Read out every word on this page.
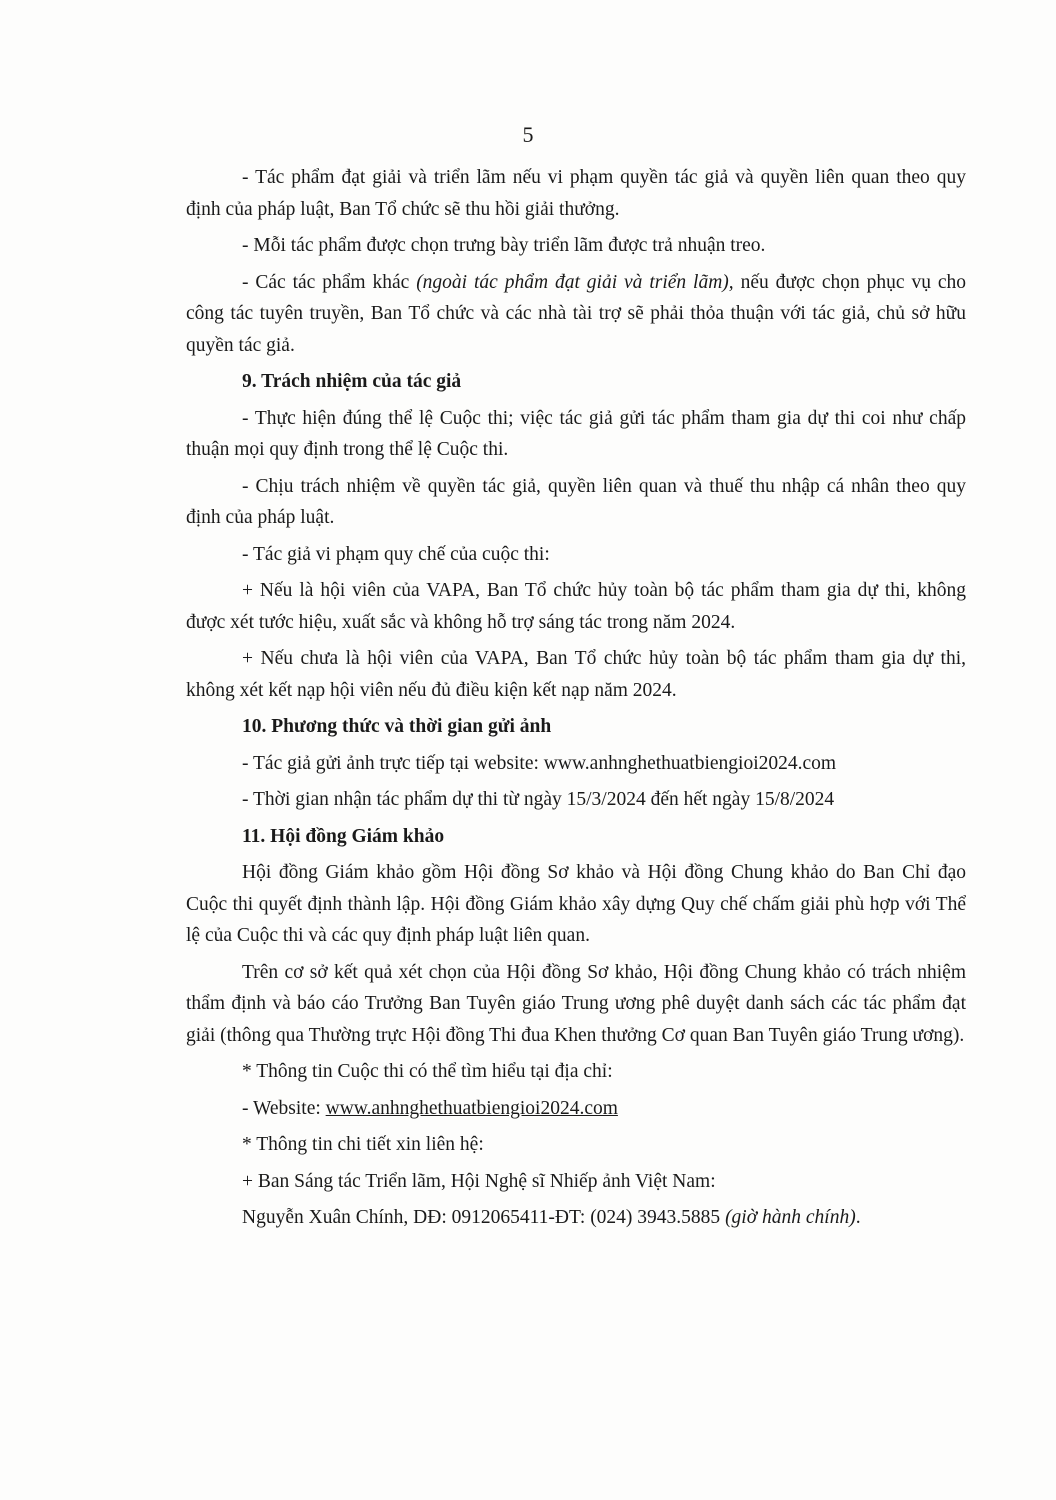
5

- Tác phẩm đạt giải và triển lãm nếu vi phạm quyền tác giả và quyền liên quan theo quy định của pháp luật, Ban Tổ chức sẽ thu hồi giải thưởng.

- Mỗi tác phẩm được chọn trưng bày triển lãm được trả nhuận treo.

- Các tác phẩm khác (ngoài tác phẩm đạt giải và triển lãm), nếu được chọn phục vụ cho công tác tuyên truyền, Ban Tổ chức và các nhà tài trợ sẽ phải thỏa thuận với tác giả, chủ sở hữu quyền tác giả.

9. Trách nhiệm của tác giả

- Thực hiện đúng thể lệ Cuộc thi; việc tác giả gửi tác phẩm tham gia dự thi coi như chấp thuận mọi quy định trong thể lệ Cuộc thi.

- Chịu trách nhiệm về quyền tác giả, quyền liên quan và thuế thu nhập cá nhân theo quy định của pháp luật.

- Tác giả vi phạm quy chế của cuộc thi:

+ Nếu là hội viên của VAPA, Ban Tổ chức hủy toàn bộ tác phẩm tham gia dự thi, không được xét tước hiệu, xuất sắc và không hỗ trợ sáng tác trong năm 2024.

+ Nếu chưa là hội viên của VAPA, Ban Tổ chức hủy toàn bộ tác phẩm tham gia dự thi, không xét kết nạp hội viên nếu đủ điều kiện kết nạp năm 2024.

10. Phương thức và thời gian gửi ảnh

- Tác giả gửi ảnh trực tiếp tại website: www.anhnghethuatbiengioi2024.com

- Thời gian nhận tác phẩm dự thi từ ngày 15/3/2024 đến hết ngày 15/8/2024

11. Hội đồng Giám khảo

Hội đồng Giám khảo gồm Hội đồng Sơ khảo và Hội đồng Chung khảo do Ban Chỉ đạo Cuộc thi quyết định thành lập. Hội đồng Giám khảo xây dựng Quy chế chấm giải phù hợp với Thể lệ của Cuộc thi và các quy định pháp luật liên quan.

Trên cơ sở kết quả xét chọn của Hội đồng Sơ khảo, Hội đồng Chung khảo có trách nhiệm thẩm định và báo cáo Trưởng Ban Tuyên giáo Trung ương phê duyệt danh sách các tác phẩm đạt giải (thông qua Thường trực Hội đồng Thi đua Khen thưởng Cơ quan Ban Tuyên giáo Trung ương).

* Thông tin Cuộc thi có thể tìm hiểu tại địa chỉ:

- Website: www.anhnghethuatbiengioi2024.com

* Thông tin chi tiết xin liên hệ:

+ Ban Sáng tác Triển lãm, Hội Nghệ sĩ Nhiếp ảnh Việt Nam:

Nguyễn Xuân Chính, DĐ: 0912065411-ĐT: (024) 3943.5885 (giờ hành chính).
